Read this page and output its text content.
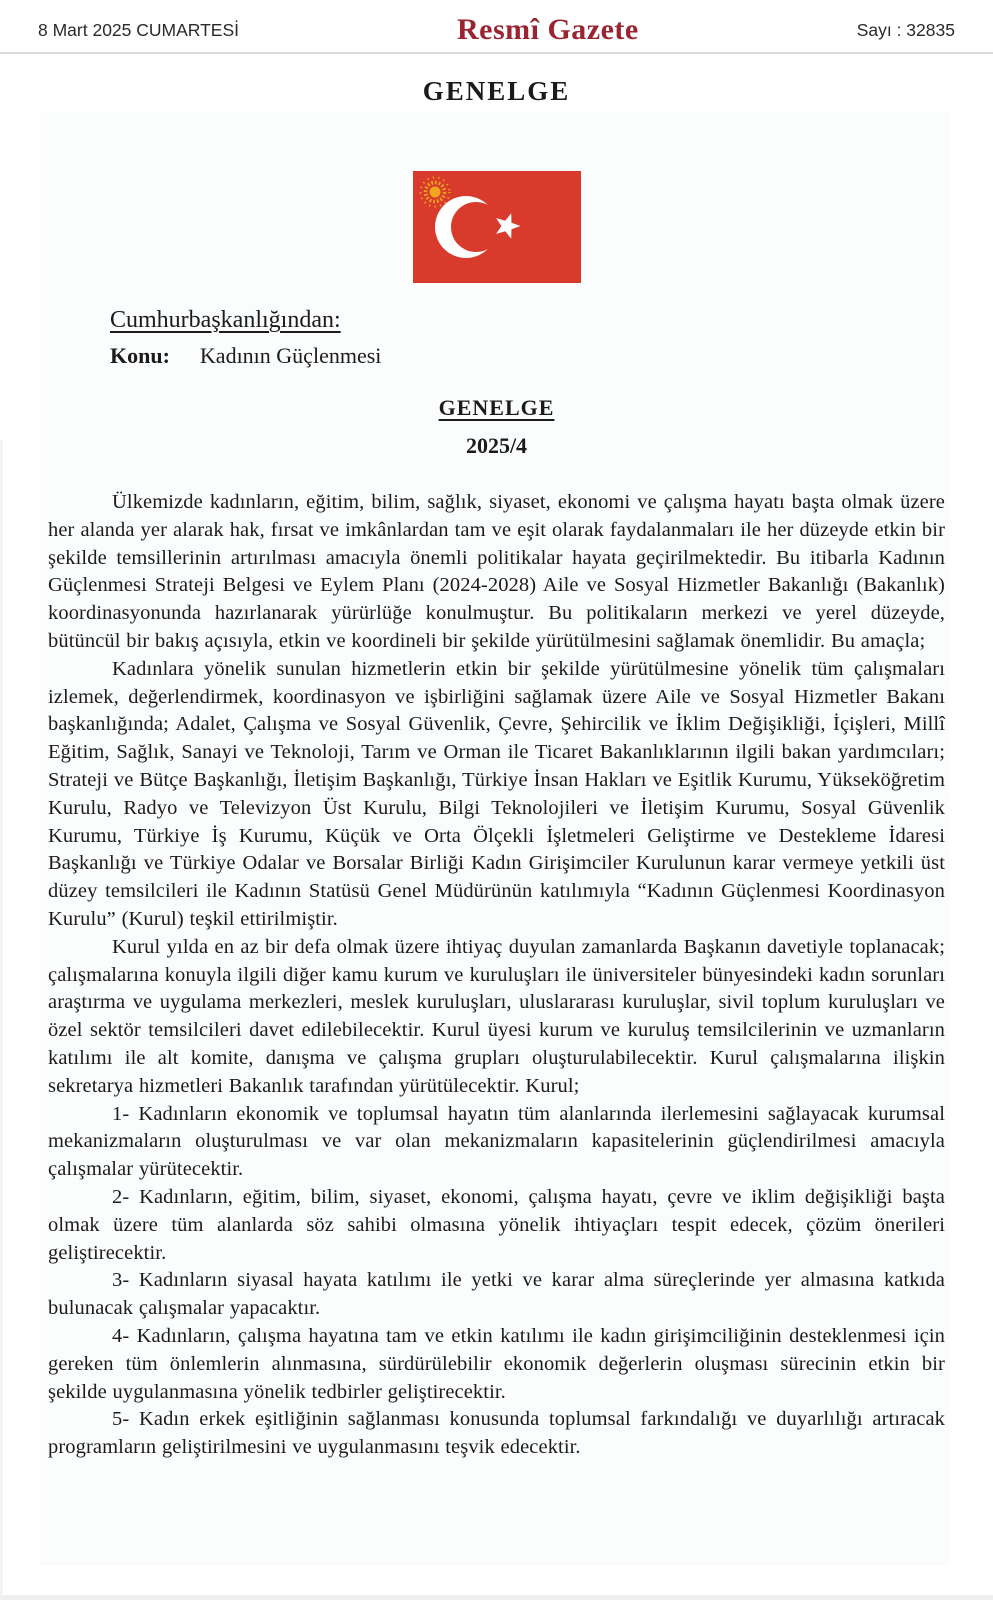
8 Mart 2025 CUMARTESİ	Resmî Gazete	Sayı : 32835
GENELGE
Cumhurbaşkanlığından:
Konu: Kadının Güçlenmesi
GENELGE
2025/4

Ülkemizde kadınların, eğitim, bilim, sağlık, siyaset, ekonomi ve çalışma hayatı başta olmak üzere her alanda yer alarak hak, fırsat ve imkânlardan tam ve eşit olarak faydalanmaları ile her düzeyde etkin bir şekilde temsillerinin artırılması amacıyla önemli politikalar hayata geçirilmektedir. Bu itibarla Kadının Güçlenmesi Strateji Belgesi ve Eylem Planı (2024-2028) Aile ve Sosyal Hizmetler Bakanlığı (Bakanlık) koordinasyonunda hazırlanarak yürürlüğe konulmuştur. Bu politikaların merkezi ve yerel düzeyde, bütüncül bir bakış açısıyla, etkin ve koordineli bir şekilde yürütülmesini sağlamak önemlidir. Bu amaçla;

Kadınlara yönelik sunulan hizmetlerin etkin bir şekilde yürütülmesine yönelik tüm çalışmaları izlemek, değerlendirmek, koordinasyon ve işbirliğini sağlamak üzere Aile ve Sosyal Hizmetler Bakanı başkanlığında; Adalet, Çalışma ve Sosyal Güvenlik, Çevre, Şehircilik ve İklim Değişikliği, İçişleri, Millî Eğitim, Sağlık, Sanayi ve Teknoloji, Tarım ve Orman ile Ticaret Bakanlıklarının ilgili bakan yardımcıları; Strateji ve Bütçe Başkanlığı, İletişim Başkanlığı, Türkiye İnsan Hakları ve Eşitlik Kurumu, Yükseköğretim Kurulu, Radyo ve Televizyon Üst Kurulu, Bilgi Teknolojileri ve İletişim Kurumu, Sosyal Güvenlik Kurumu, Türkiye İş Kurumu, Küçük ve Orta Ölçekli İşletmeleri Geliştirme ve Destekleme İdaresi Başkanlığı ve Türkiye Odalar ve Borsalar Birliği Kadın Girişimciler Kurulunun karar vermeye yetkili üst düzey temsilcileri ile Kadının Statüsü Genel Müdürünün katılımıyla “Kadının Güçlenmesi Koordinasyon Kurulu” (Kurul) teşkil ettirilmiştir.

Kurul yılda en az bir defa olmak üzere ihtiyaç duyulan zamanlarda Başkanın davetiyle toplanacak; çalışmalarına konuyla ilgili diğer kamu kurum ve kuruluşları ile üniversiteler bünyesindeki kadın sorunları araştırma ve uygulama merkezleri, meslek kuruluşları, uluslararası kuruluşlar, sivil toplum kuruluşları ve özel sektör temsilcileri davet edilebilecektir. Kurul üyesi kurum ve kuruluş temsilcilerinin ve uzmanların katılımı ile alt komite, danışma ve çalışma grupları oluşturulabilecektir. Kurul çalışmalarına ilişkin sekretarya hizmetleri Bakanlık tarafından yürütülecektir. Kurul;

1- Kadınların ekonomik ve toplumsal hayatın tüm alanlarında ilerlemesini sağlayacak kurumsal mekanizmaların oluşturulması ve var olan mekanizmaların kapasitelerinin güçlendirilmesi amacıyla çalışmalar yürütecektir.

2- Kadınların, eğitim, bilim, siyaset, ekonomi, çalışma hayatı, çevre ve iklim değişikliği başta olmak üzere tüm alanlarda söz sahibi olmasına yönelik ihtiyaçları tespit edecek, çözüm önerileri geliştirecektir.

3- Kadınların siyasal hayata katılımı ile yetki ve karar alma süreçlerinde yer almasına katkıda bulunacak çalışmalar yapacaktır.

4- Kadınların, çalışma hayatına tam ve etkin katılımı ile kadın girişimciliğinin desteklenmesi için gereken tüm önlemlerin alınmasına, sürdürülebilir ekonomik değerlerin oluşması sürecinin etkin bir şekilde uygulanmasına yönelik tedbirler geliştirecektir.

5- Kadın erkek eşitliğinin sağlanması konusunda toplumsal farkındalığı ve duyarlılığı artıracak programların geliştirilmesini ve uygulanmasını teşvik edecektir.
